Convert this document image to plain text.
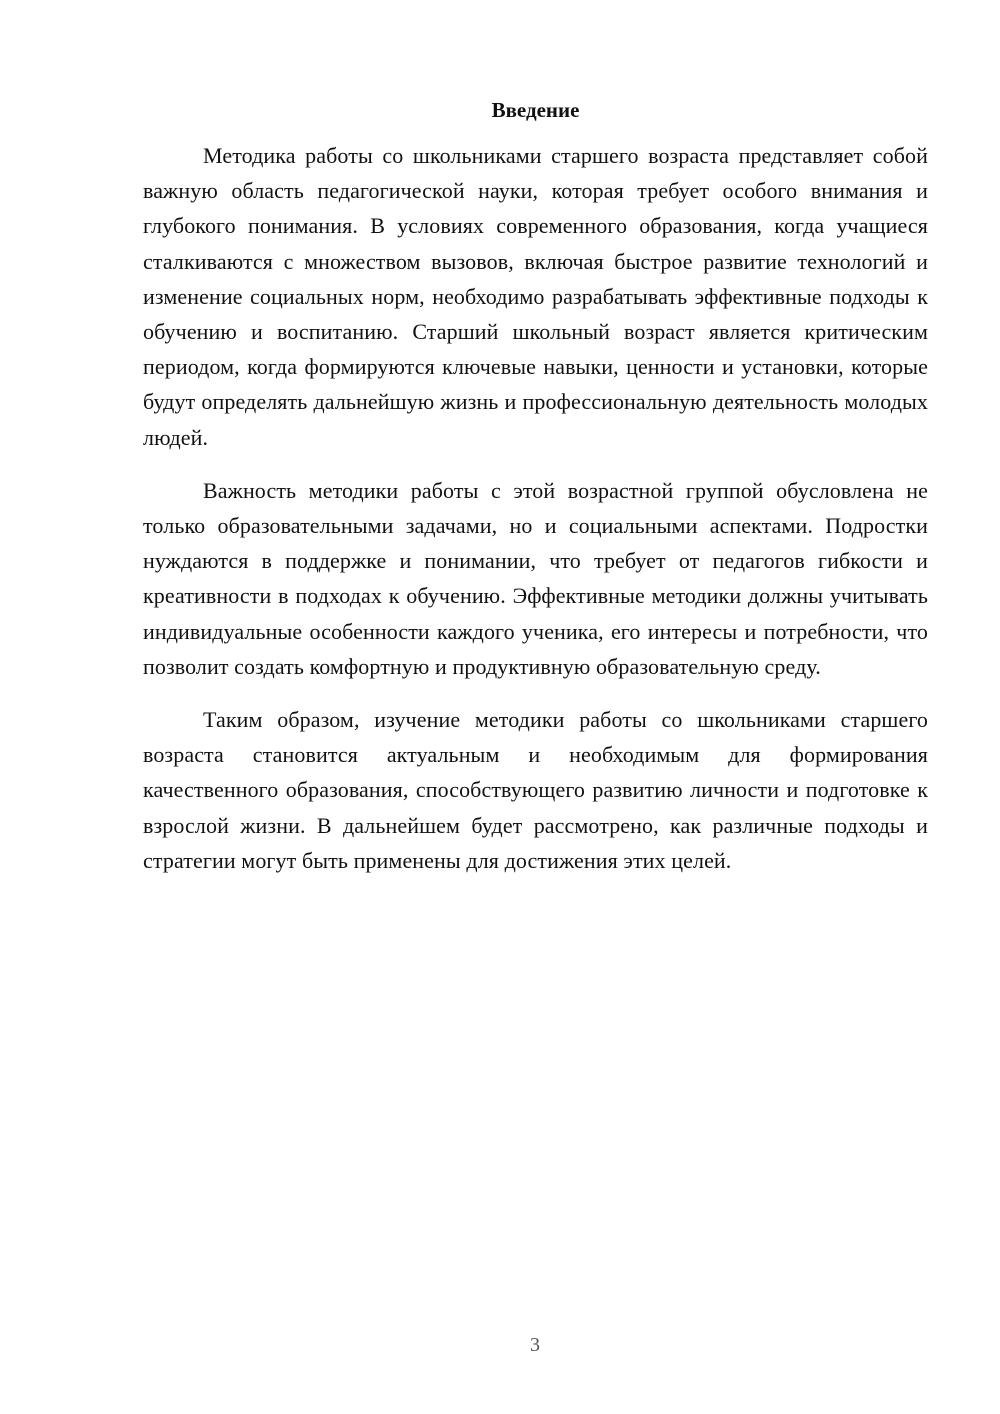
Введение

Методика работы со школьниками старшего возраста представляет собой важную область педагогической науки, которая требует особого внимания и глубокого понимания. В условиях современного образования, когда учащиеся сталкиваются с множеством вызовов, включая быстрое развитие технологий и изменение социальных норм, необходимо разрабатывать эффективные подходы к обучению и воспитанию. Старший школьный возраст является критическим периодом, когда формируются ключевые навыки, ценности и установки, которые будут определять дальнейшую жизнь и профессиональную деятельность молодых людей.

Важность методики работы с этой возрастной группой обусловлена не только образовательными задачами, но и социальными аспектами. Подростки нуждаются в поддержке и понимании, что требует от педагогов гибкости и креативности в подходах к обучению. Эффективные методики должны учитывать индивидуальные особенности каждого ученика, его интересы и потребности, что позволит создать комфортную и продуктивную образовательную среду.

Таким образом, изучение методики работы со школьниками старшего возраста становится актуальным и необходимым для формирования качественного образования, способствующего развитию личности и подготовке к взрослой жизни. В дальнейшем будет рассмотрено, как различные подходы и стратегии могут быть применены для достижения этих целей.

3
